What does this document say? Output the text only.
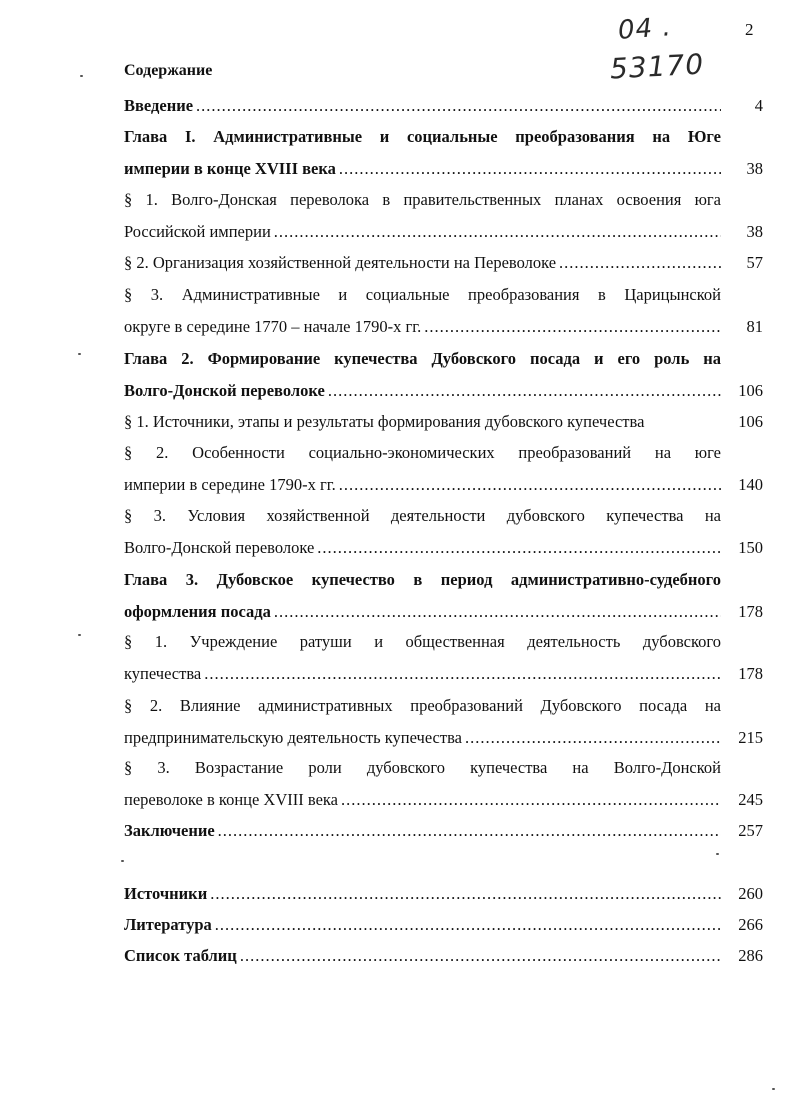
2
04 .
53170
Содержание
Введение .....	4
Глава I. Административные и социальные преобразования на Юге
империи в конце XVIII века .....	38
§ 1. Волго-Донская переволока в правительственных планах освоения юга
Российской империи .....	38
§ 2. Организация хозяйственной деятельности на Переволоке .....	57
§ 3. Административные и социальные преобразования в Царицынской
округе в середине 1770 – начале 1790-х гг. .....	81
Глава 2. Формирование купечества Дубовского посада и его роль на
Волго-Донской переволоке .....	106
§ 1. Источники, этапы и результаты формирования дубовского купечества	106
§ 2. Особенности социально-экономических преобразований на юге
империи в середине 1790-х гг. .....	140
§ 3. Условия хозяйственной деятельности дубовского купечества на
Волго-Донской переволоке .....	150
Глава 3. Дубовское купечество в период административно-судебного
оформления посада .....	178
§ 1. Учреждение ратуши и общественная деятельность дубовского
купечества .....	178
§ 2. Влияние административных преобразований Дубовского посада на
предпринимательскую деятельность купечества .....	215
§ 3. Возрастание роли дубовского купечества на Волго-Донской
переволоке в конце XVIII века .....	245
Заключение .....	257
Источники .....	260
Литература .....	266
Список таблиц .....	286
